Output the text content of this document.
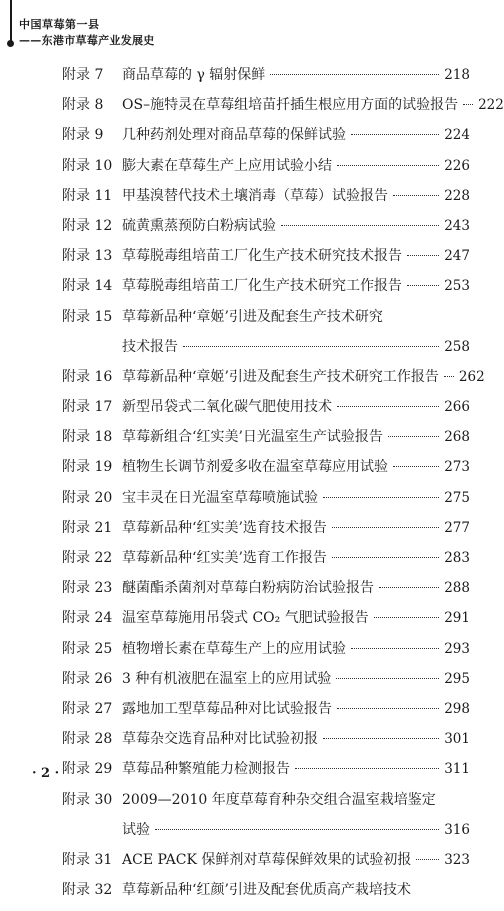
中国草莓第一县
——东港市草莓产业发展史
附录 7	商品草莓的 γ 辐射保鲜	218
附录 8	OS–施特灵在草莓组培苗扦插生根应用方面的试验报告 222
附录 9	几种药剂处理对商品草莓的保鲜试验	224
附录 10 膨大素在草莓生产上应用试验小结	226
附录 11 甲基溴替代技术土壤消毒（草莓）试验报告	228
附录 12 硫黄熏蒸预防白粉病试验	243
附录 13 草莓脱毒组培苗工厂化生产技术研究技术报告	247
附录 14 草莓脱毒组培苗工厂化生产技术研究工作报告	253
附录 15 草莓新品种‘章姬’引进及配套生产技术研究
技术报告	258
附录 16 草莓新品种‘章姬’引进及配套生产技术研究工作报告 262
附录 17 新型吊袋式二氧化碳气肥使用技术	266
附录 18 草莓新组合‘红实美’日光温室生产试验报告	268
附录 19 植物生长调节剂爱多收在温室草莓应用试验	273
附录 20 宝丰灵在日光温室草莓喷施试验	275
附录 21 草莓新品种‘红实美’选育技术报告	277
附录 22 草莓新品种‘红实美’选育工作报告	283
附录 23 醚菌酯杀菌剂对草莓白粉病防治试验报告	288
附录 24 温室草莓施用吊袋式 CO₂ 气肥试验报告	291
附录 25 植物增长素在草莓生产上的应用试验	293
附录 26 3 种有机液肥在温室上的应用试验	295
附录 27 露地加工型草莓品种对比试验报告	298
附录 28 草莓杂交选育品种对比试验初报	301
附录 29 草莓品种繁殖能力检测报告	311
附录 30 2009—2010 年度草莓育种杂交组合温室栽培鉴定
试验	316
附录 31 ACE PACK 保鲜剂对草莓保鲜效果的试验初报 323
附录 32 草莓新品种‘红颜’引进及配套优质高产栽培技术
· 2 ·
